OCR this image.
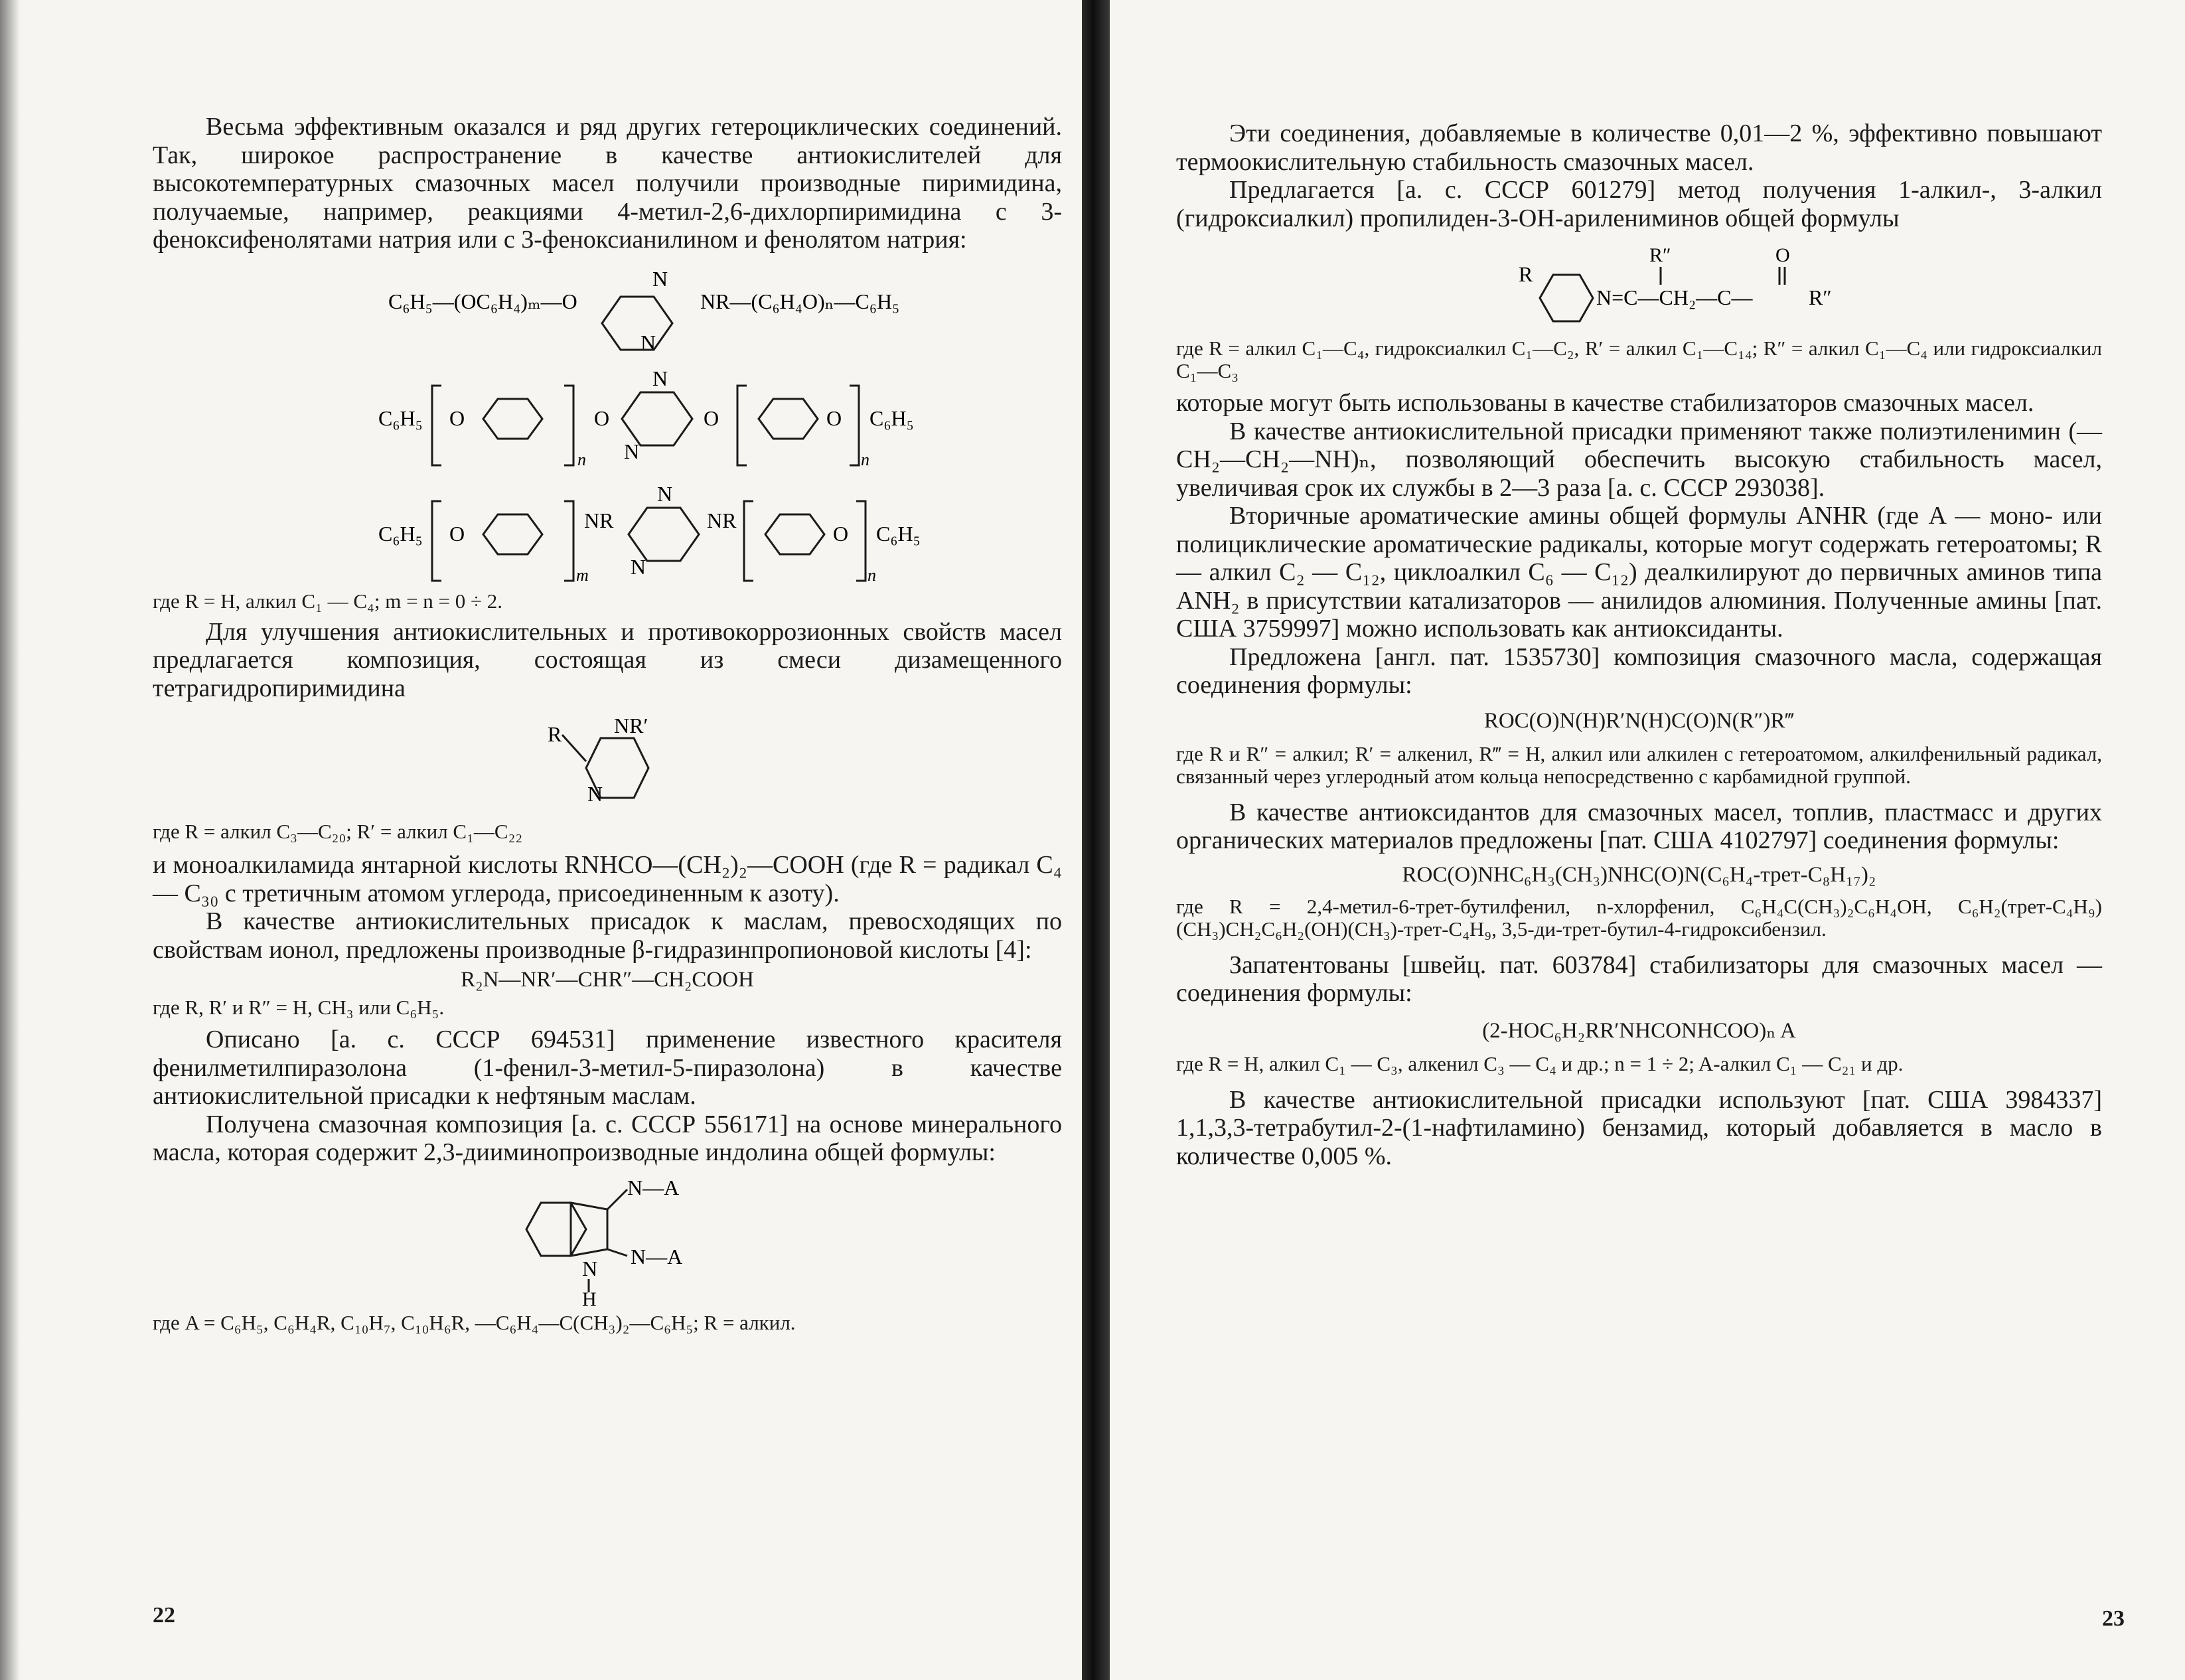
Весьма эффективным оказался и ряд других гетероциклических соединений. Так, широкое распространение в качестве антиокислителей для высокотемпературных смазочных масел получили производные пиримидина, получаемые, например, реакциями 4-метил-2,6-дихлорпиримидина с 3-феноксифенолятами натрия или с 3-феноксианилином и фенолятом натрия:

C₆H₅—(OC₆H₄)ₘ—O
N
N
NR—(C₆H₄O)ₙ—C₆H₅
C₆H₅ O
n
O
N
N
O	O
n
C₆H₅
C₆H₅ O
m
NR
N
N
NR
O
n
C₆H₅

где R = H, алкил C₁ — C₄; m = n = 0 ÷ 2.

Для улучшения антиокислительных и противокоррозионных свойств масел предлагается композиция, состоящая из смеси дизамещенного тетрагидропиримидина

R NR′
N

где R = алкил C₃—C₂₀; R′ = алкил C₁—C₂₂

и моноалкиламида янтарной кислоты RNHCO—(CH₂)₂—COOH (где R = радикал C₄ — C₃₀ с третичным атомом углерода, присоединенным к азоту).

В качестве антиокислительных присадок к маслам, превосходящих по свойствам ионол, предложены производные β-гидразинпропионовой кислоты [4]:

R₂N—NR′—CHR″—CH₂COOH

где R, R′ и R″ = H, CH₃ или C₆H₅.

Описано [а. с. СССР 694531] применение известного красителя фенилметилпиразолона (1-фенил-3-метил-5-пиразолона) в качестве антиокислительной присадки к нефтяным маслам.

Получена смазочная композиция [а. с. СССР 556171] на основе минерального масла, которая содержит 2,3-дииминопроизводные индолина общей формулы:

N—A
N—A
N
H

где A = C₆H₅, C₆H₄R, C₁₀H₇, C₁₀H₆R, —C₆H₄—C(CH₃)₂—C₆H₅; R = алкил.

22

Эти соединения, добавляемые в количестве 0,01—2 %, эффективно повышают термоокислительную стабильность смазочных масел.

Предлагается [а. с. СССР 601279] метод получения 1-алкил-, 3-алкил (гидроксиалкил) пропилиден-3-OH-арилениминов общей формулы

R
N=C—CH₂—C—	R″
R″	O

где R = алкил C₁—C₄, гидроксиалкил C₁—C₂, R′ = алкил C₁—C₁₄; R″ = алкил C₁—C₄ или гидроксиалкил C₁—C₃

которые могут быть использованы в качестве стабилизаторов смазочных масел.

В качестве антиокислительной присадки применяют также полиэтиленимин (—CH₂—CH₂—NH)ₙ, позволяющий обеспечить высокую стабильность масел, увеличивая срок их службы в 2—3 раза [а. с. СССР 293038].

Вторичные ароматические амины общей формулы ANHR (где A — моно- или полициклические ароматические радикалы, которые могут содержать гетероатомы; R — алкил C₂ — C₁₂, циклоалкил C₆ — C₁₂) деалкилируют до первичных аминов типа ANH₂ в присутствии катализаторов — анилидов алюминия. Полученные амины [пат. США 3759997] можно использовать как антиоксиданты.

Предложена [англ. пат. 1535730] композиция смазочного масла, содержащая соединения формулы:

ROC(O)N(H)R′N(H)C(O)N(R″)R‴

где R и R″ = алкил; R′ = алкенил, R‴ = H, алкил или алкилен с гетероатомом, алкилфенильный радикал, связанный через углеродный атом кольца непосредственно с карбамидной группой.

В качестве антиоксидантов для смазочных масел, топлив, пластмасс и других органических материалов предложены [пат. США 4102797] соединения формулы:

ROC(O)NHC₆H₃(CH₃)NHC(O)N(C₆H₄-трет-C₈H₁₇)₂

где R = 2,4-метил-6-трет-бутилфенил, n-хлорфенил, C₆H₄C(CH₃)₂C₆H₄OH, C₆H₂(трет-C₄H₉)(CH₃)CH₂C₆H₂(OH)(CH₃)-трет-C₄H₉, 3,5-ди-трет-бутил-4-гидроксибензил.

Запатентованы [швейц. пат. 603784] стабилизаторы для смазочных масел — соединения формулы:

(2-HOC₆H₂RR′NHCONHCOO)ₙ A

где R = H, алкил C₁ — C₃, алкенил C₃ — C₄ и др.; n = 1 ÷ 2; A-алкил C₁ — C₂₁ и др.

В качестве антиокислительной присадки используют [пат. США 3984337] 1,1,3,3-тетрабутил-2-(1-нафтиламино) бензамид, который добавляется в масло в количестве 0,005 %.

23
